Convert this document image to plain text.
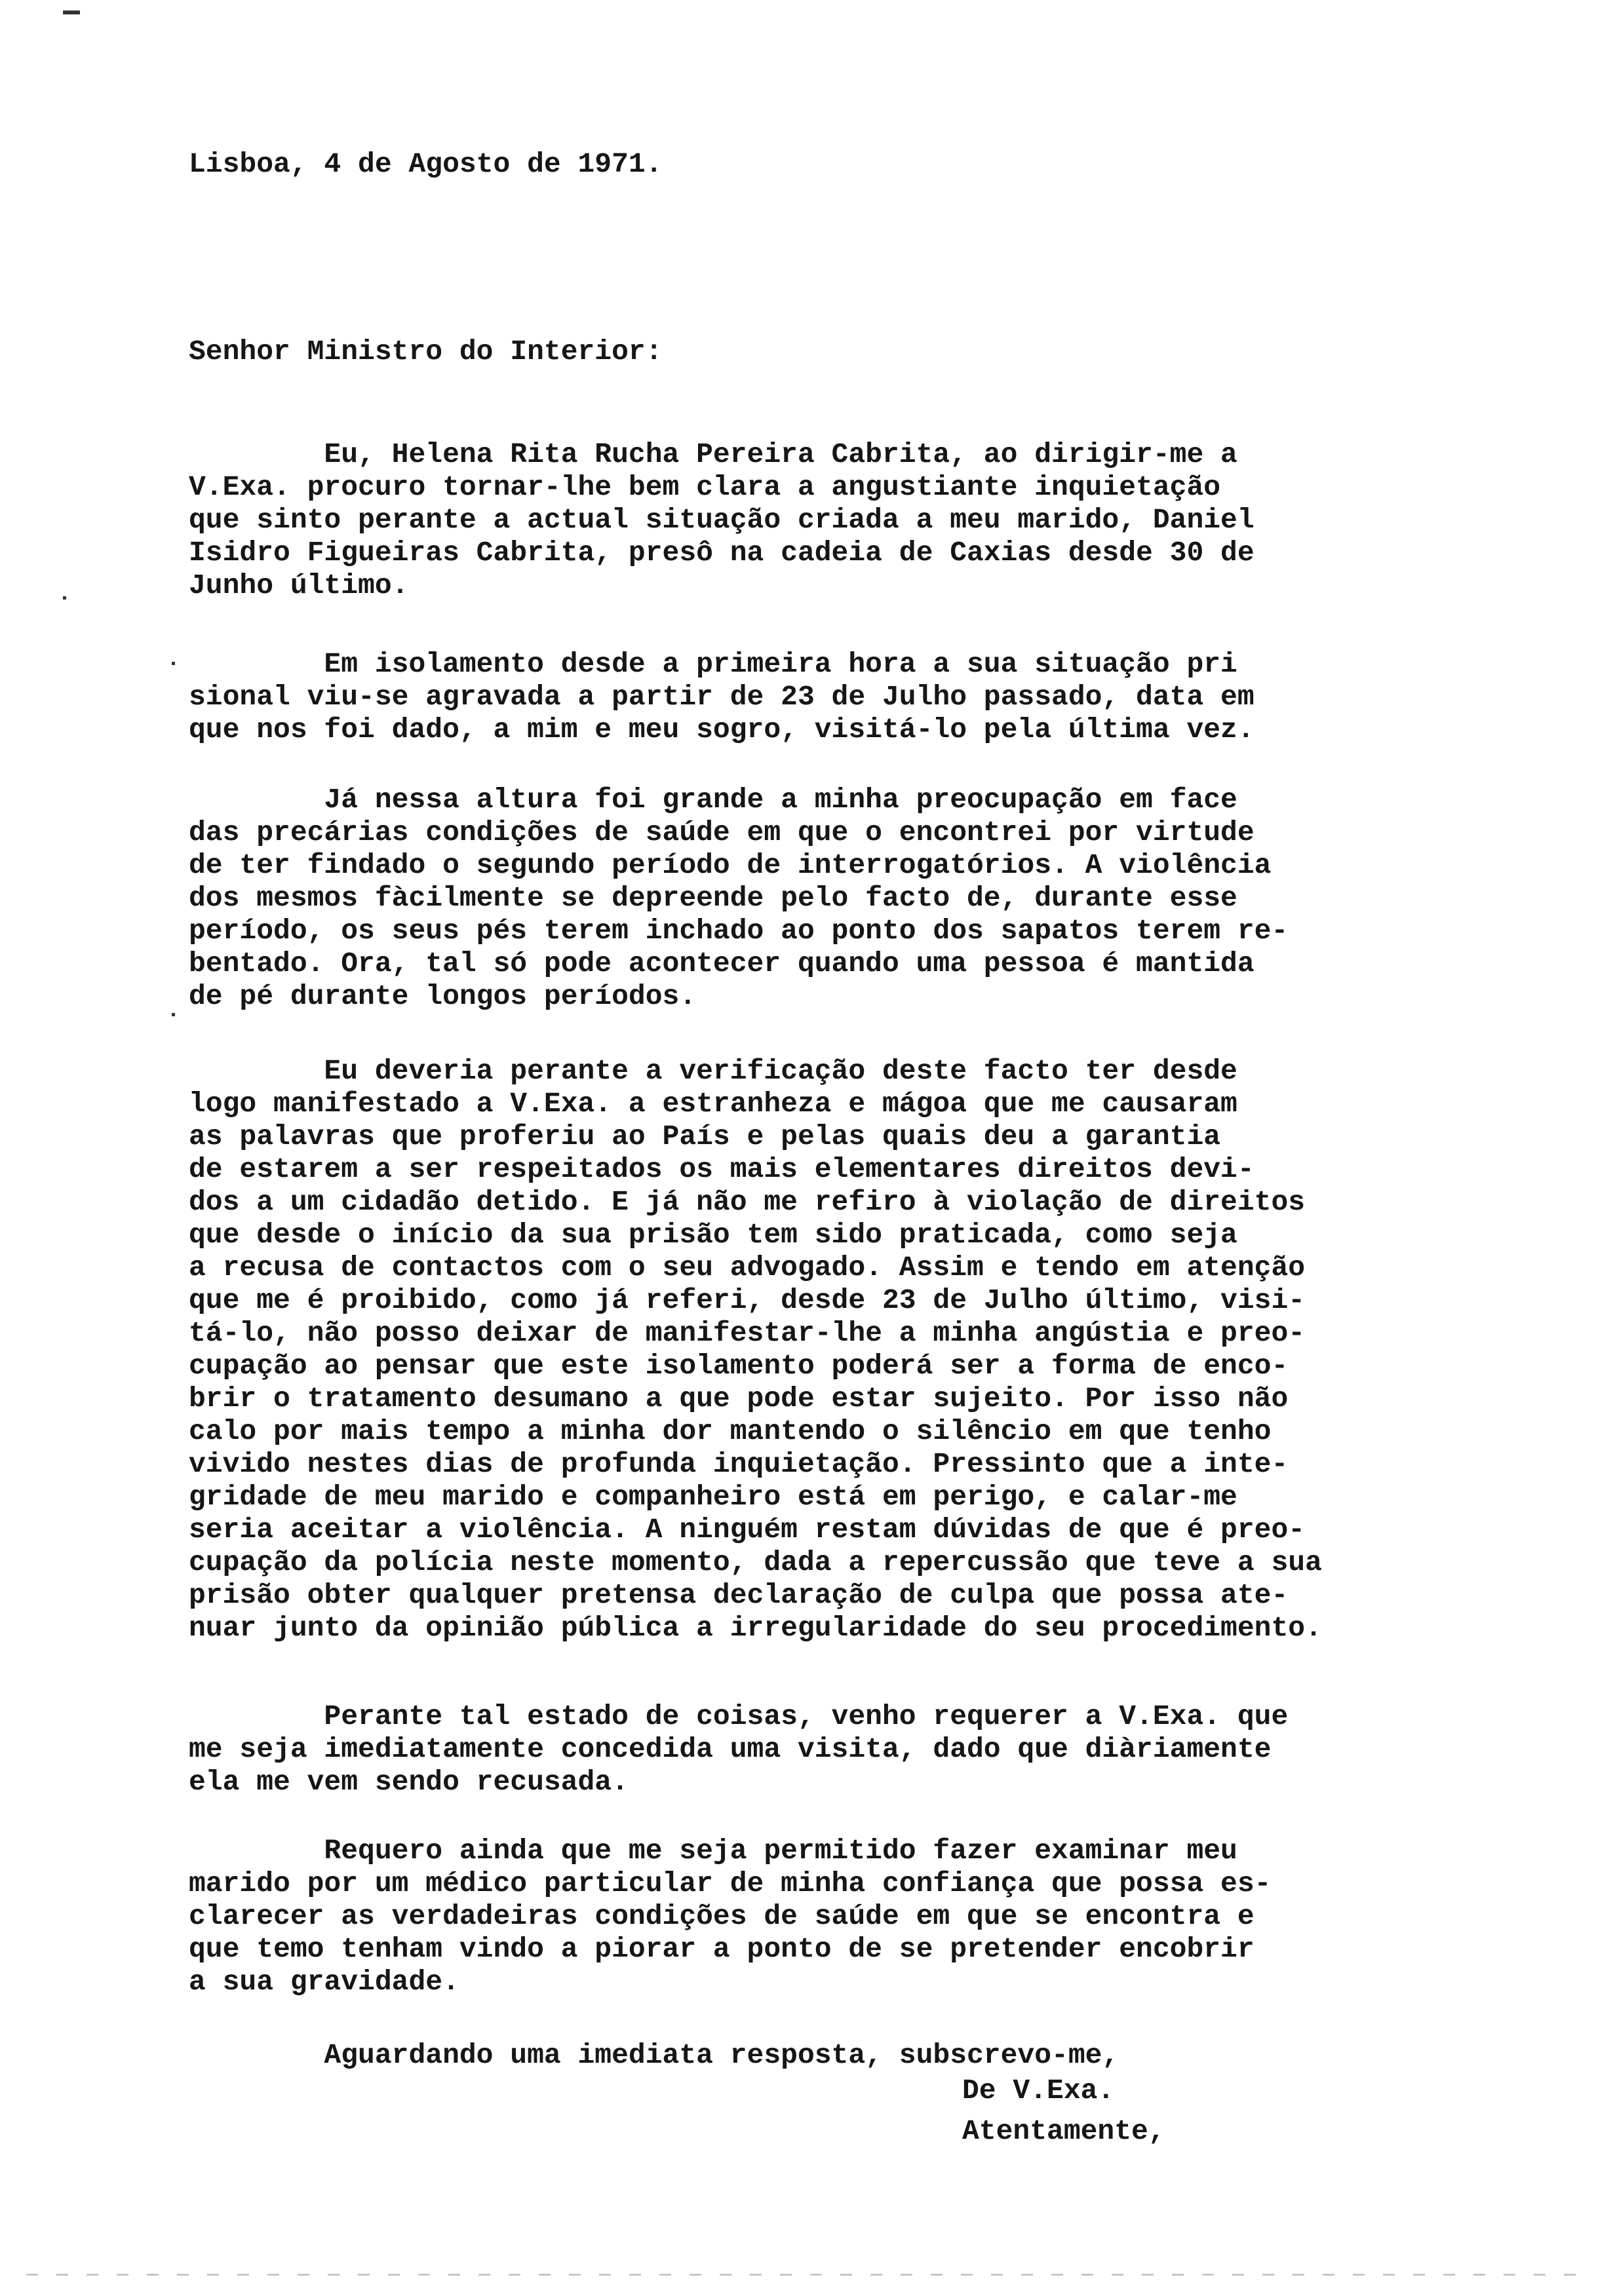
Lisboa, 4 de Agosto de 1971.
Senhor Ministro do Interior:
Eu, Helena Rita Rucha Pereira Cabrita, ao dirigir-me a
V.Exa. procuro tornar-lhe bem clara a angustiante inquietação
que sinto perante a actual situação criada a meu marido, Daniel
Isidro Figueiras Cabrita, presô na cadeia de Caxias desde 30 de
Junho último.
Em isolamento desde a primeira hora a sua situação pri
sional viu-se agravada a partir de 23 de Julho passado, data em
que nos foi dado, a mim e meu sogro, visitá-lo pela última vez.
Já nessa altura foi grande a minha preocupação em face
das precárias condições de saúde em que o encontrei por virtude
de ter findado o segundo período de interrogatórios. A violência
dos mesmos fàcilmente se depreende pelo facto de, durante esse
período, os seus pés terem inchado ao ponto dos sapatos terem re-
bentado. Ora, tal só pode acontecer quando uma pessoa é mantida
de pé durante longos períodos.
Eu deveria perante a verificação deste facto ter desde
logo manifestado a V.Exa. a estranheza e mágoa que me causaram
as palavras que proferiu ao País e pelas quais deu a garantia
de estarem a ser respeitados os mais elementares direitos devi-
dos a um cidadão detido. E já não me refiro à violação de direitos
que desde o início da sua prisão tem sido praticada, como seja
a recusa de contactos com o seu advogado. Assim e tendo em atenção
que me é proibido, como já referi, desde 23 de Julho último, visi-
tá-lo, não posso deixar de manifestar-lhe a minha angústia e preo-
cupação ao pensar que este isolamento poderá ser a forma de enco-
brir o tratamento desumano a que pode estar sujeito. Por isso não
calo por mais tempo a minha dor mantendo o silêncio em que tenho
vivido nestes dias de profunda inquietação. Pressinto que a inte-
gridade de meu marido e companheiro está em perigo, e calar-me
seria aceitar a violência. A ninguém restam dúvidas de que é preo-
cupação da polícia neste momento, dada a repercussão que teve a sua
prisão obter qualquer pretensa declaração de culpa que possa ate-
nuar junto da opinião pública a irregularidade do seu procedimento.
Perante tal estado de coisas, venho requerer a V.Exa. que
me seja imediatamente concedida uma visita, dado que diàriamente
ela me vem sendo recusada.
Requero ainda que me seja permitido fazer examinar meu
marido por um médico particular de minha confiança que possa es-
clarecer as verdadeiras condições de saúde em que se encontra e
que temo tenham vindo a piorar a ponto de se pretender encobrir
a sua gravidade.
Aguardando uma imediata resposta, subscrevo-me,
De V.Exa.
Atentamente,
